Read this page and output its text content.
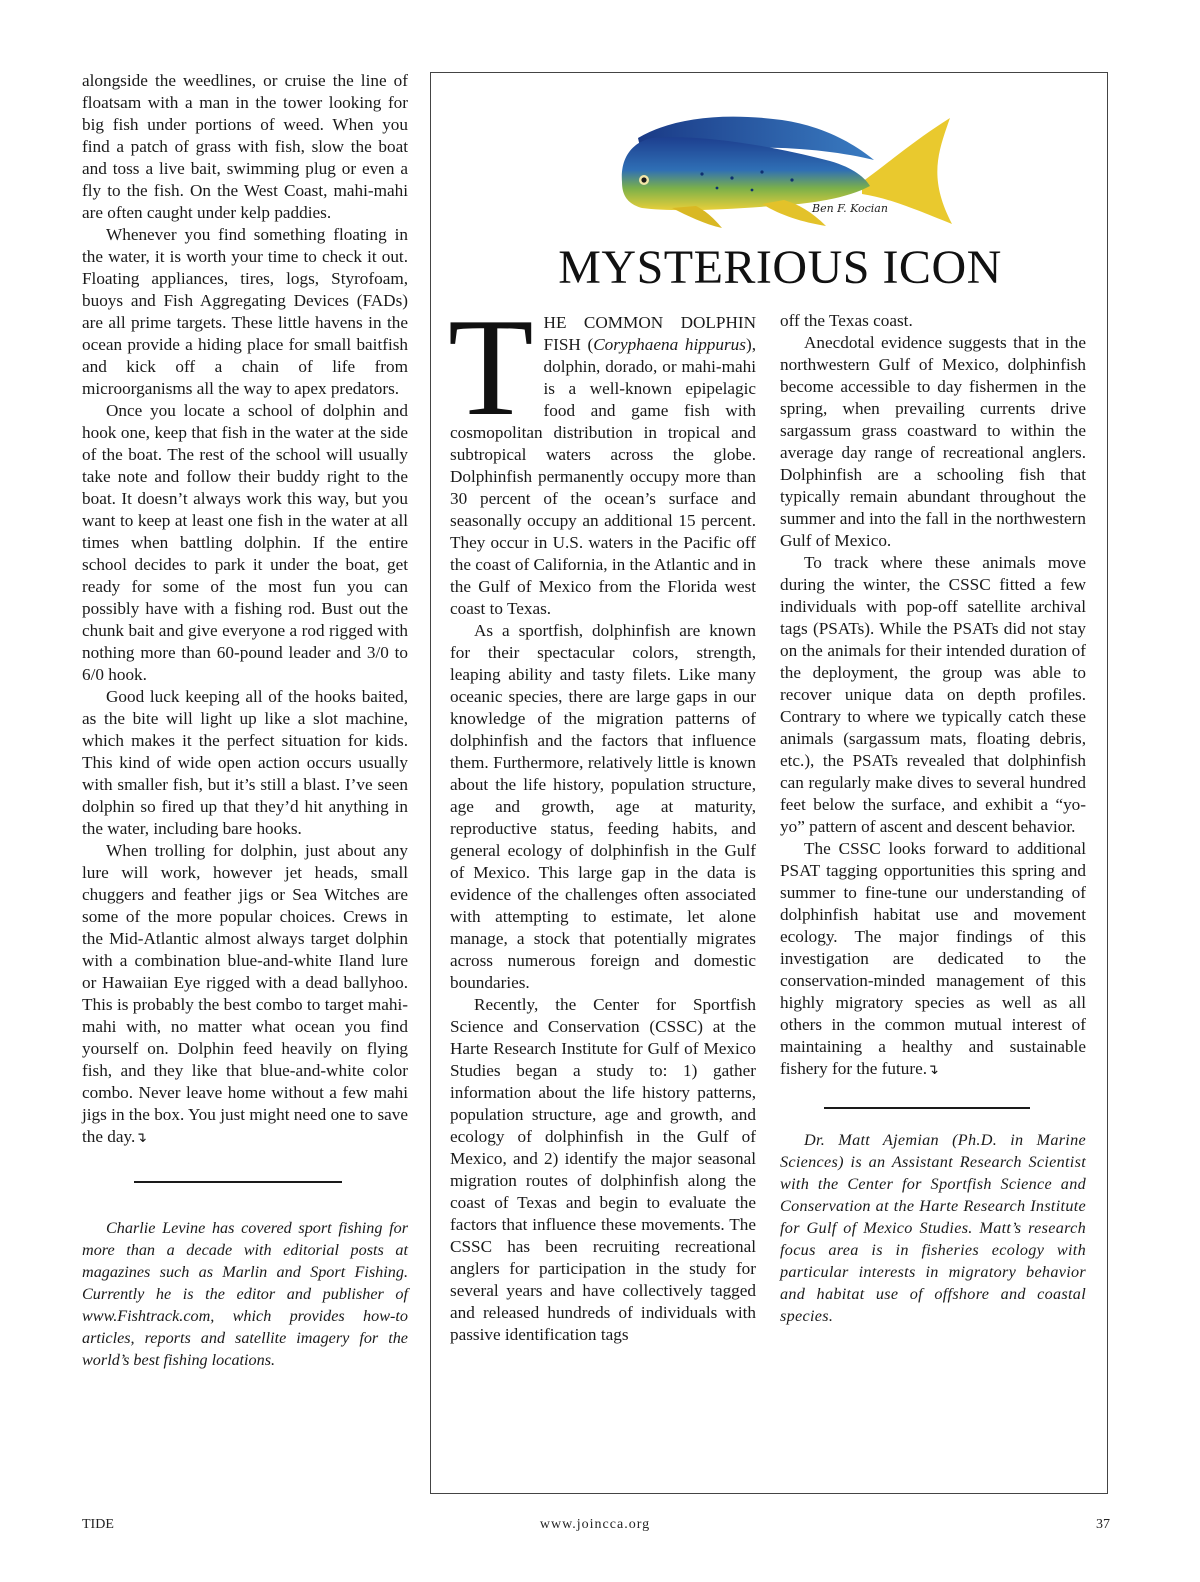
alongside the weedlines, or cruise the line of floatsam with a man in the tower looking for big fish under portions of weed. When you find a patch of grass with fish, slow the boat and toss a live bait, swimming plug or even a fly to the fish. On the West Coast, mahi-mahi are often caught under kelp paddies.

Whenever you find something floating in the water, it is worth your time to check it out. Floating appliances, tires, logs, Styrofoam, buoys and Fish Aggregating Devices (FADs) are all prime targets. These little havens in the ocean provide a hiding place for small baitfish and kick off a chain of life from microorganisms all the way to apex predators.

Once you locate a school of dolphin and hook one, keep that fish in the water at the side of the boat. The rest of the school will usually take note and follow their buddy right to the boat. It doesn’t always work this way, but you want to keep at least one fish in the water at all times when battling dolphin. If the entire school decides to park it under the boat, get ready for some of the most fun you can possibly have with a fishing rod. Bust out the chunk bait and give everyone a rod rigged with nothing more than 60-pound leader and 3/0 to 6/0 hook.

Good luck keeping all of the hooks baited, as the bite will light up like a slot machine, which makes it the perfect situation for kids. This kind of wide open action occurs usually with smaller fish, but it’s still a blast. I’ve seen dolphin so fired up that they’d hit anything in the water, including bare hooks.

When trolling for dolphin, just about any lure will work, however jet heads, small chuggers and feather jigs or Sea Witches are some of the more popular choices. Crews in the Mid-Atlantic almost always target dolphin with a combination blue-and-white Iland lure or Hawaiian Eye rigged with a dead ballyhoo. This is probably the best combo to target mahi-mahi with, no matter what ocean you find yourself on. Dolphin feed heavily on flying fish, and they like that blue-and-white color combo. Never leave home without a few mahi jigs in the box. You just might need one to save the day.↴

Charlie Levine has covered sport fishing for more than a decade with editorial posts at magazines such as Marlin and Sport Fishing. Currently he is the editor and publisher of www.Fishtrack.com, which provides how-to articles, reports and satellite imagery for the world’s best fishing locations.

Ben F. Kocian
MYSTERIOUS ICON

THE COMMON DOLPHIN FISH (Coryphaena hippurus), dolphin, dorado, or mahi-mahi is a well-known epipelagic food and game fish with cosmopolitan distribution in tropical and subtropical waters across the globe. Dolphinfish permanently occupy more than 30 percent of the ocean’s surface and seasonally occupy an additional 15 percent. They occur in U.S. waters in the Pacific off the coast of California, in the Atlantic and in the Gulf of Mexico from the Florida west coast to Texas.

As a sportfish, dolphinfish are known for their spectacular colors, strength, leaping ability and tasty filets. Like many oceanic species, there are large gaps in our knowledge of the migration patterns of dolphinfish and the factors that influence them. Furthermore, relatively little is known about the life history, population structure, age and growth, age at maturity, reproductive status, feeding habits, and general ecology of dolphinfish in the Gulf of Mexico. This large gap in the data is evidence of the challenges often associated with attempting to estimate, let alone manage, a stock that potentially migrates across numerous foreign and domestic boundaries.

Recently, the Center for Sportfish Science and Conservation (CSSC) at the Harte Research Institute for Gulf of Mexico Studies began a study to: 1) gather information about the life history patterns, population structure, age and growth, and ecology of dolphinfish in the Gulf of Mexico, and 2) identify the major seasonal migration routes of dolphinfish along the coast of Texas and begin to evaluate the factors that influence these movements. The CSSC has been recruiting recreational anglers for participation in the study for several years and have collectively tagged and released hundreds of individuals with passive identification tags

off the Texas coast.

Anecdotal evidence suggests that in the northwestern Gulf of Mexico, dolphinfish become accessible to day fishermen in the spring, when prevailing currents drive sargassum grass coastward to within the average day range of recreational anglers. Dolphinfish are a schooling fish that typically remain abundant throughout the summer and into the fall in the northwestern Gulf of Mexico.

To track where these animals move during the winter, the CSSC fitted a few individuals with pop-off satellite archival tags (PSATs). While the PSATs did not stay on the animals for their intended duration of the deployment, the group was able to recover unique data on depth profiles. Contrary to where we typically catch these animals (sargassum mats, floating debris, etc.), the PSATs revealed that dolphinfish can regularly make dives to several hundred feet below the surface, and exhibit a “yo-yo” pattern of ascent and descent behavior.

The CSSC looks forward to additional PSAT tagging opportunities this spring and summer to fine-tune our understanding of dolphinfish habitat use and movement ecology. The major findings of this investigation are dedicated to the conservation-minded management of this highly migratory species as well as all others in the common mutual interest of maintaining a healthy and sustainable fishery for the future.↴

Dr. Matt Ajemian (Ph.D. in Marine Sciences) is an Assistant Research Scientist with the Center for Sportfish Science and Conservation at the Harte Research Institute for Gulf of Mexico Studies. Matt’s research focus area is in fisheries ecology with particular interests in migratory behavior and habitat use of offshore and coastal species.

TIDE	www.joincca.org	37
